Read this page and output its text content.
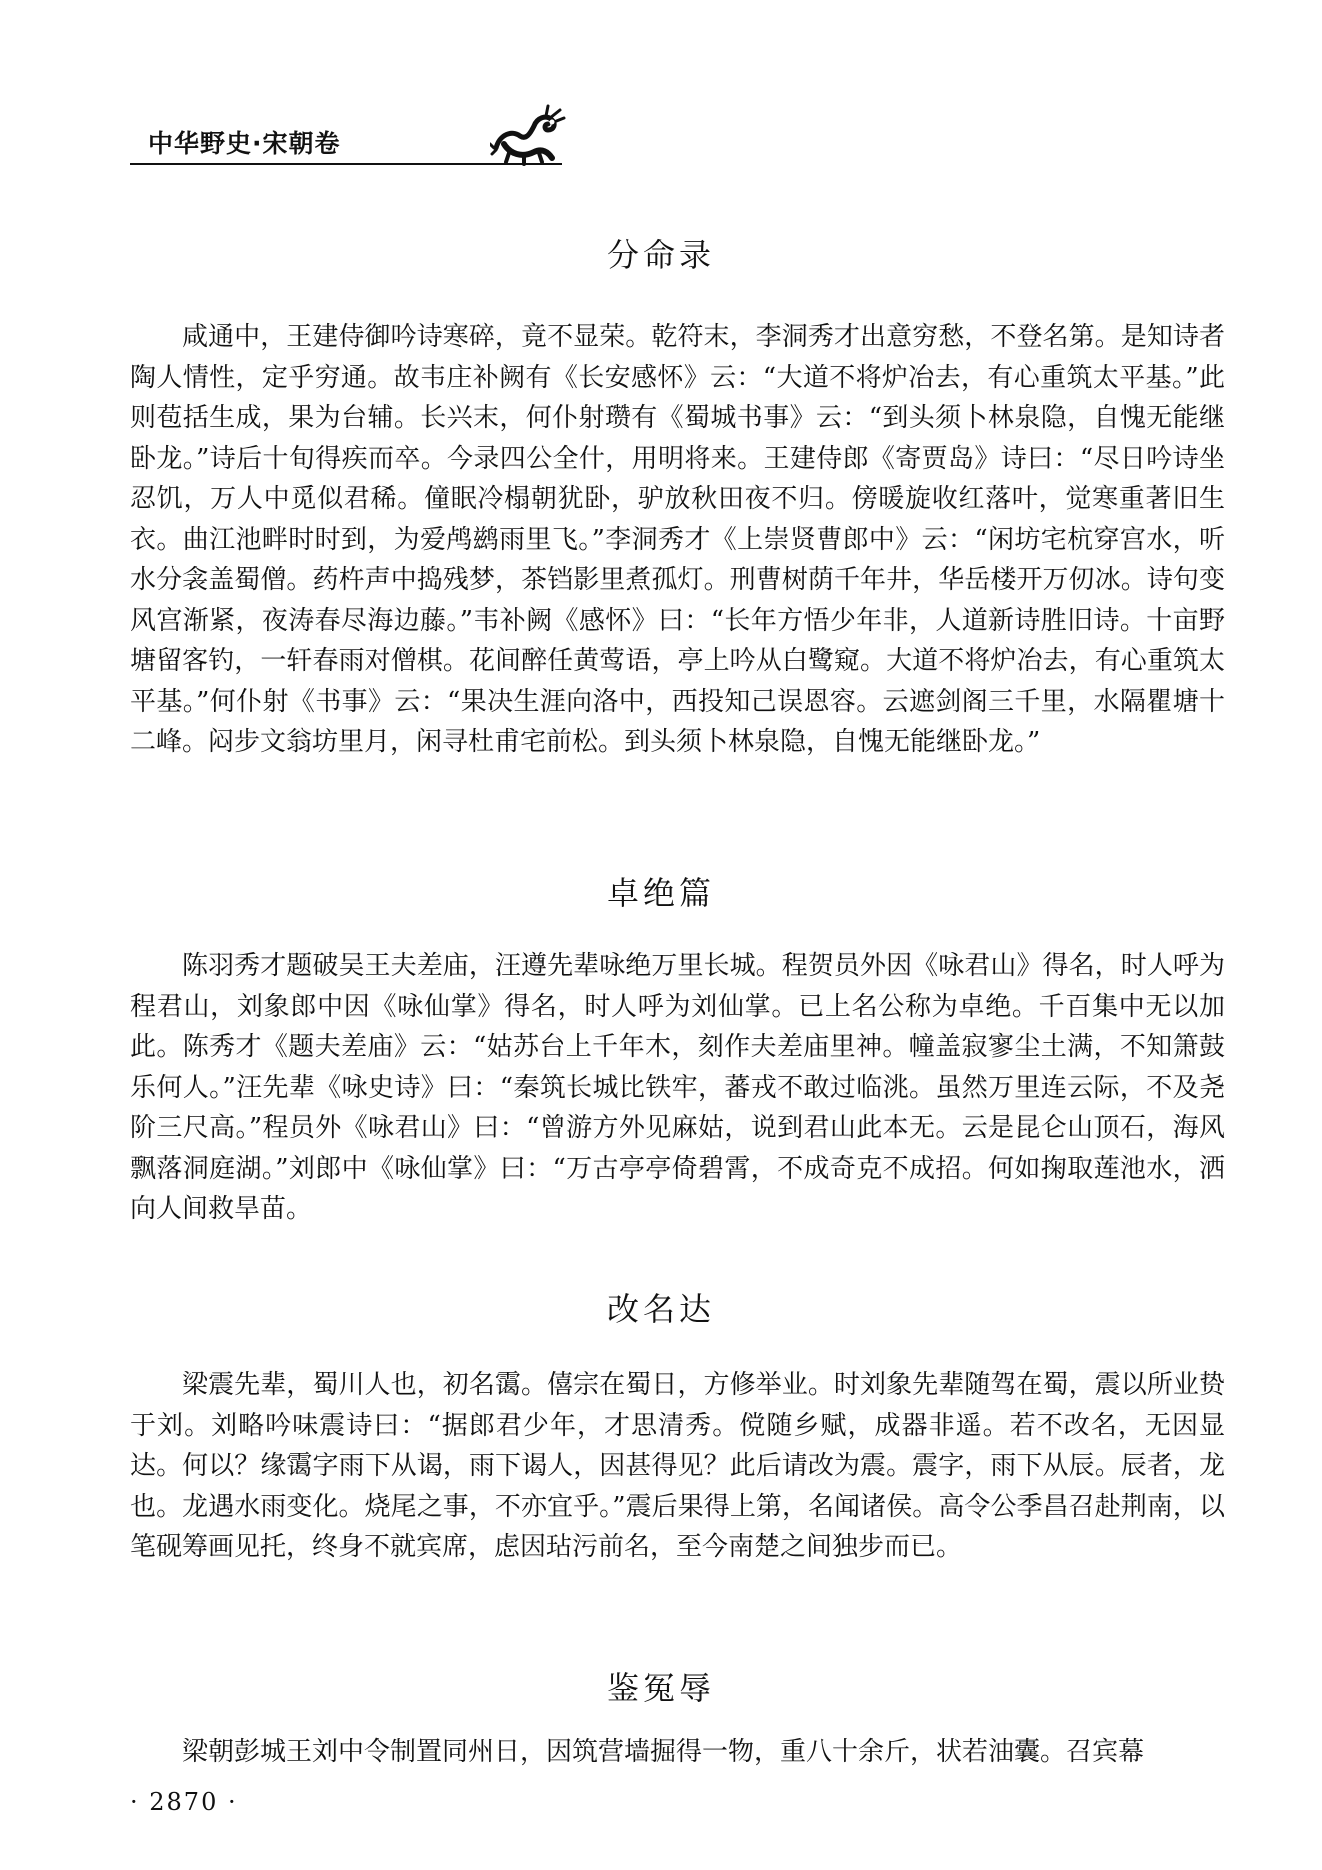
中华野史·宋朝卷
分命录

咸通中，王建侍御吟诗寒碎，竟不显荣。乾符末，李洞秀才出意穷愁，不登名第。是知诗者陶人情性，定乎穷通。故韦庄补阙有《长安感怀》云：“大道不将炉冶去，有心重筑太平基。”此则苞括生成，果为台辅。长兴末，何仆射瓒有《蜀城书事》云：“到头须卜林泉隐，自愧无能继卧龙。”诗后十旬得疾而卒。今录四公全什，用明将来。王建侍郎《寄贾岛》诗曰：“尽日吟诗坐忍饥，万人中觅似君稀。僮眠冷榻朝犹卧，驴放秋田夜不归。傍暖旋收红落叶，觉寒重著旧生衣。曲江池畔时时到，为爱鸬鹚雨里飞。”李洞秀才《上崇贤曹郎中》云：“闲坊宅杭穿宫水，听水分衾盖蜀僧。药杵声中捣残梦，茶铛影里煮孤灯。刑曹树荫千年井，华岳楼开万仞冰。诗句变风宫渐紧，夜涛春尽海边藤。”韦补阙《感怀》曰：“长年方悟少年非，人道新诗胜旧诗。十亩野塘留客钓，一轩春雨对僧棋。花间醉任黄莺语，亭上吟从白鹭窥。大道不将炉冶去，有心重筑太平基。”何仆射《书事》云：“果决生涯向洛中，西投知己误恩容。云遮剑阁三千里，水隔瞿塘十二峰。闷步文翁坊里月，闲寻杜甫宅前松。到头须卜林泉隐，自愧无能继卧龙。”

卓绝篇

陈羽秀才题破吴王夫差庙，汪遵先辈咏绝万里长城。程贺员外因《咏君山》得名，时人呼为程君山，刘象郎中因《咏仙掌》得名，时人呼为刘仙掌。已上名公称为卓绝。千百集中无以加此。陈秀才《题夫差庙》云：“姑苏台上千年木，刻作夫差庙里神。幢盖寂寥尘土满，不知箫鼓乐何人。”汪先辈《咏史诗》曰：“秦筑长城比铁牢，蕃戎不敢过临洮。虽然万里连云际，不及尧阶三尺高。”程员外《咏君山》曰：“曾游方外见麻姑，说到君山此本无。云是昆仑山顶石，海风飘落洞庭湖。”刘郎中《咏仙掌》曰：“万古亭亭倚碧霄，不成奇克不成招。何如掬取莲池水，洒向人间救旱苗。

改名达

梁震先辈，蜀川人也，初名霭。僖宗在蜀日，方修举业。时刘象先辈随驾在蜀，震以所业贽于刘。刘略吟味震诗曰：“据郎君少年，才思清秀。傥随乡赋，成器非遥。若不改名，无因显达。何以？缘霭字雨下从谒，雨下谒人，因甚得见？此后请改为震。震字，雨下从辰。辰者，龙也。龙遇水雨变化。烧尾之事，不亦宜乎。”震后果得上第，名闻诸侯。高令公季昌召赴荆南，以笔砚筹画见托，终身不就宾席，虑因玷污前名，至今南楚之间独步而已。

鉴冤辱

梁朝彭城王刘中令制置同州日，因筑营墙掘得一物，重八十余斤，状若油囊。召宾幕

· 2870 ·
